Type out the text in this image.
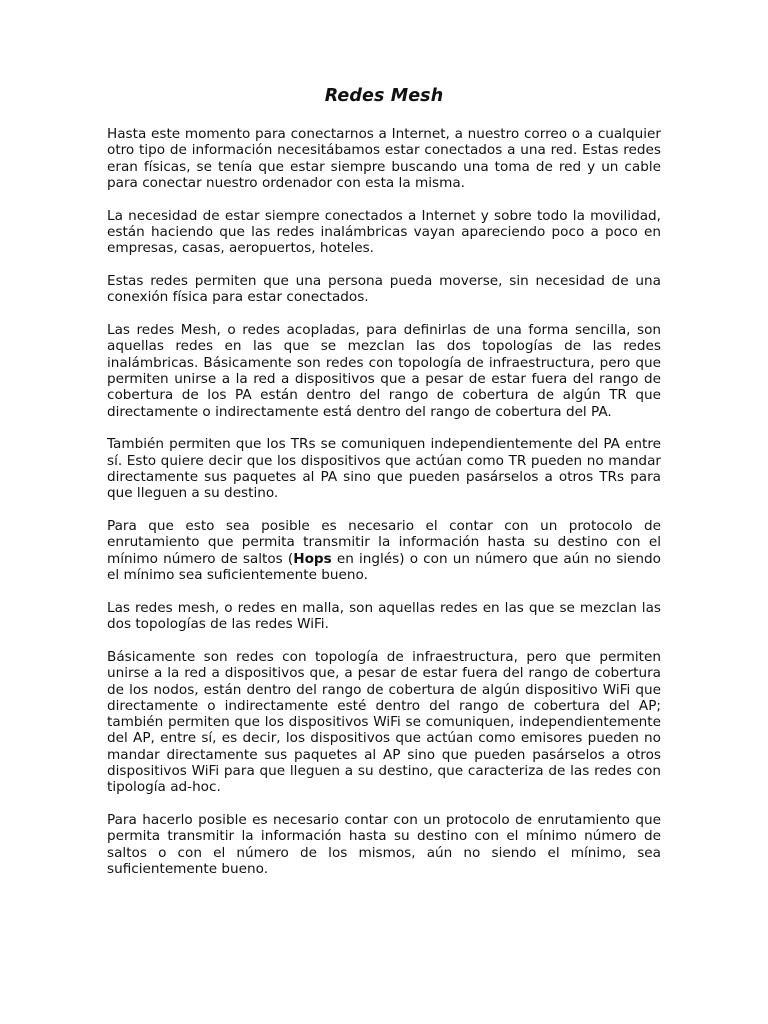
Redes Mesh

Hasta este momento para conectarnos a Internet, a nuestro correo o a cualquier otro tipo de información necesitábamos estar conectados a una red. Estas redes eran físicas, se tenía que estar siempre buscando una toma de red y un cable para conectar nuestro ordenador con esta la misma.

La necesidad de estar siempre conectados a Internet y sobre todo la movilidad, están haciendo que las redes inalámbricas vayan apareciendo poco a poco en empresas, casas, aeropuertos, hoteles.

Estas redes permiten que una persona pueda moverse, sin necesidad de una conexión física para estar conectados.

Las redes Mesh, o redes acopladas, para definirlas de una forma sencilla, son aquellas redes en las que se mezclan las dos topologías de las redes inalámbricas. Básicamente son redes con topología de infraestructura, pero que permiten unirse a la red a dispositivos que a pesar de estar fuera del rango de cobertura de los PA están dentro del rango de cobertura de algún TR que directamente o indirectamente está dentro del rango de cobertura del PA.

También permiten que los TRs se comuniquen independientemente del PA entre sí. Esto quiere decir que los dispositivos que actúan como TR pueden no mandar directamente sus paquetes al PA sino que pueden pasárselos a otros TRs para que lleguen a su destino.

Para que esto sea posible es necesario el contar con un protocolo de enrutamiento que permita transmitir la información hasta su destino con el mínimo número de saltos (Hops en inglés) o con un número que aún no siendo el mínimo sea suficientemente bueno.

Las redes mesh, o redes en malla, son aquellas redes en las que se mezclan las dos topologías de las redes WiFi.

Básicamente son redes con topología de infraestructura, pero que permiten unirse a la red a dispositivos que, a pesar de estar fuera del rango de cobertura de los nodos, están dentro del rango de cobertura de algún dispositivo WiFi que directamente o indirectamente esté dentro del rango de cobertura del AP; también permiten que los dispositivos WiFi se comuniquen, independientemente del AP, entre sí, es decir, los dispositivos que actúan como emisores pueden no mandar directamente sus paquetes al AP sino que pueden pasárselos a otros dispositivos WiFi para que lleguen a su destino, que caracteriza de las redes con tipología ad-hoc.

Para hacerlo posible es necesario contar con un protocolo de enrutamiento que permita transmitir la información hasta su destino con el mínimo número de saltos o con el número de los mismos, aún no siendo el mínimo, sea suficientemente bueno.
